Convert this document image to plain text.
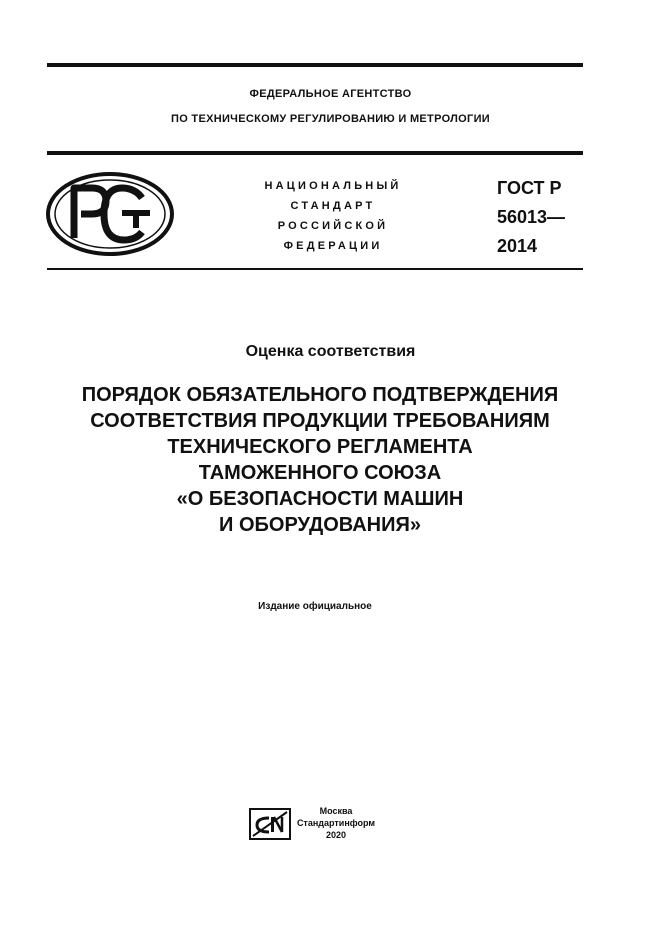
ФЕДЕРАЛЬНОЕ АГЕНТСТВО
ПО ТЕХНИЧЕСКОМУ РЕГУЛИРОВАНИЮ И МЕТРОЛОГИИ
НАЦИОНАЛЬНЫЙ
СТАНДАРТ
РОССИЙСКОЙ
ФЕДЕРАЦИИ
ГОСТ Р
56013—
2014
Оценка соответствия
ПОРЯДОК ОБЯЗАТЕЛЬНОГО ПОДТВЕРЖДЕНИЯ
СООТВЕТСТВИЯ ПРОДУКЦИИ ТРЕБОВАНИЯМ
ТЕХНИЧЕСКОГО РЕГЛАМЕНТА
ТАМОЖЕННОГО СОЮЗА
«О БЕЗОПАСНОСТИ МАШИН
И ОБОРУДОВАНИЯ»
Издание официальное
Москва
Стандартинформ
2020
